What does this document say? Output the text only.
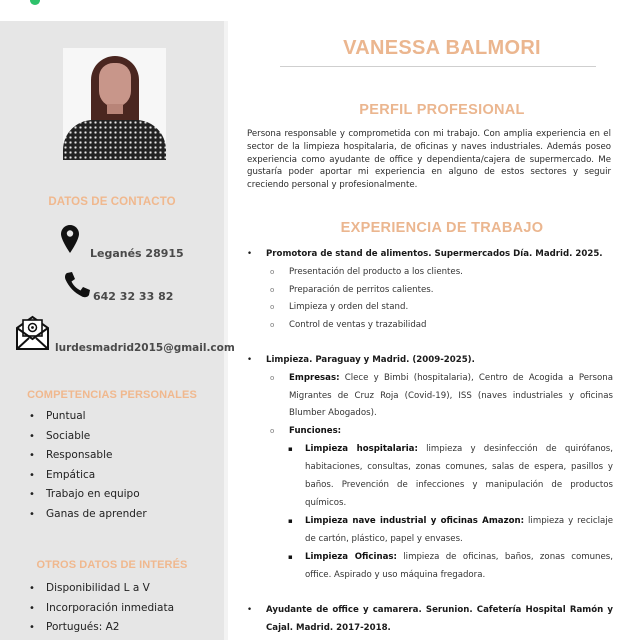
DATOS DE CONTACTO
Leganés 28915
642 32 33 82
lurdesmadrid2015@gmail.com
COMPETENCIAS PERSONALES
• Puntual
• Sociable
• Responsable
• Empática
• Trabajo en equipo
• Ganas de aprender
OTROS DATOS DE INTERÉS
• Disponibilidad L a V
• Incorporación inmediata
• Portugués: A2
VANESSA BALMORI
PERFIL PROFESIONAL
Persona responsable y comprometida con mi trabajo. Con amplia experiencia en el sector de la limpieza hospitalaria, de oficinas y naves industriales. Además poseo experiencia como ayudante de office y dependienta/cajera de supermercado. Me gustaría poder aportar mi experiencia en alguno de estos sectores y seguir creciendo personal y profesionalmente.
EXPERIENCIA DE TRABAJO
• Promotora de stand de alimentos. Supermercados Día. Madrid. 2025.
o Presentación del producto a los clientes.
o Preparación de perritos calientes.
o Limpieza y orden del stand.
o Control de ventas y trazabilidad
• Limpieza. Paraguay y Madrid. (2009-2025).
o Empresas: Clece y Bimbi (hospitalaria), Centro de Acogida a Persona Migrantes de Cruz Roja (Covid-19), ISS (naves industriales y oficinas Blumber Abogados).
o Funciones:
▪ Limpieza hospitalaria: limpieza y desinfección de quirófanos, habitaciones, consultas, zonas comunes, salas de espera, pasillos y baños. Prevención de infecciones y manipulación de productos químicos.
▪ Limpieza nave industrial y oficinas Amazon: limpieza y reciclaje de cartón, plástico, papel y envases.
▪ Limpieza Oficinas: limpieza de oficinas, baños, zonas comunes, office. Aspirado y uso máquina fregadora.
• Ayudante de office y camarera. Serunion. Cafetería Hospital Ramón y Cajal. Madrid. 2017-2018.
